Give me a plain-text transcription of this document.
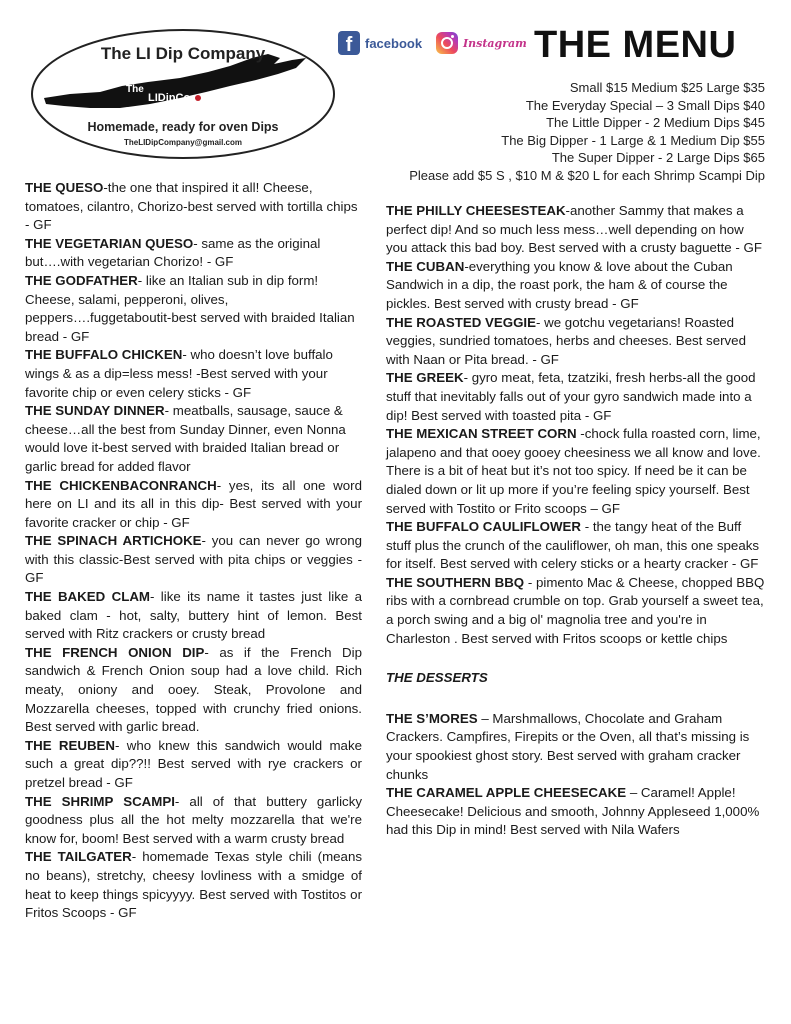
The LI Dip Company
The
LIDipCo
Homemade, ready for oven Dips
TheLIDipCompany@gmail.com
f facebook	Instagram THE MENU
Small $15 Medium $25 Large $35
The Everyday Special – 3 Small Dips $40
The Little Dipper - 2 Medium Dips $45
The Big Dipper - 1 Large & 1 Medium Dip $55
The Super Dipper - 2 Large Dips $65
Please add $5 S , $10 M & $20 L for each Shrimp Scampi Dip

THE QUESO-the one that inspired it all! Cheese, tomatoes, cilantro, Chorizo-best served with tortilla chips - GF

THE VEGETARIAN QUESO- same as the original but….with vegetarian Chorizo! - GF

THE GODFATHER- like an Italian sub in dip form! Cheese, salami, pepperoni, olives, peppers….fuggetaboutit-best served with braided Italian bread - GF

THE BUFFALO CHICKEN- who doesn’t love buffalo wings & as a dip=less mess! -Best served with your favorite chip or even celery sticks - GF

THE SUNDAY DINNER- meatballs, sausage, sauce & cheese…all the best from Sunday Dinner, even Nonna would love it-best served with braided Italian bread or garlic bread for added flavor

THE CHICKENBACONRANCH- yes, its all one word here on LI and its all in this dip- Best served with your favorite cracker or chip - GF

THE SPINACH ARTICHOKE- you can never go wrong with this classic-Best served with pita chips or veggies - GF

THE BAKED CLAM- like its name it tastes just like a baked clam - hot, salty, buttery hint of lemon. Best served with Ritz crackers or crusty bread

THE FRENCH ONION DIP- as if the French Dip sandwich & French Onion soup had a love child. Rich meaty, oniony and ooey. Steak, Provolone and Mozzarella cheeses, topped with crunchy fried onions. Best served with garlic bread.

THE REUBEN- who knew this sandwich would make such a great dip??!! Best served with rye crackers or pretzel bread - GF

THE SHRIMP SCAMPI- all of that buttery garlicky goodness plus all the hot melty mozzarella that we're know for, boom! Best served with a warm crusty bread

THE TAILGATER- homemade Texas style chili (means no beans), stretchy, cheesy lovliness with a smidge of heat to keep things spicyyyy. Best served with Tostitos or Fritos Scoops - GF

THE PHILLY CHEESESTEAK-another Sammy that makes a perfect dip! And so much less mess…well depending on how you attack this bad boy. Best served with a crusty baguette - GF

THE CUBAN-everything you know & love about the Cuban Sandwich in a dip, the roast pork, the ham & of course the pickles. Best served with crusty bread - GF

THE ROASTED VEGGIE- we gotchu vegetarians! Roasted veggies, sundried tomatoes, herbs and cheeses. Best served with Naan or Pita bread. - GF

THE GREEK- gyro meat, feta, tzatziki, fresh herbs-all the good stuff that inevitably falls out of your gyro sandwich made into a dip! Best served with toasted pita - GF

THE MEXICAN STREET CORN -chock fulla roasted corn, lime, jalapeno and that ooey gooey cheesiness we all know and love. There is a bit of heat but it’s not too spicy. If need be it can be dialed down or lit up more if you’re feeling spicy yourself. Best served with Tostito or Frito scoops – GF

THE BUFFALO CAULIFLOWER - the tangy heat of the Buff stuff plus the crunch of the cauliflower, oh man, this one speaks for itself. Best served with celery sticks or a hearty cracker - GF

THE SOUTHERN BBQ - pimento Mac & Cheese, chopped BBQ ribs with a cornbread crumble on top. Grab yourself a sweet tea, a porch swing and a big ol' magnolia tree and you're in Charleston . Best served with Fritos scoops or kettle chips

THE DESSERTS

THE S’MORES – Marshmallows, Chocolate and Graham Crackers. Campfires, Firepits or the Oven, all that’s missing is your spookiest ghost story. Best served with graham cracker chunks

THE CARAMEL APPLE CHEESECAKE – Caramel! Apple! Cheesecake! Delicious and smooth, Johnny Appleseed 1,000% had this Dip in mind! Best served with Nila Wafers
